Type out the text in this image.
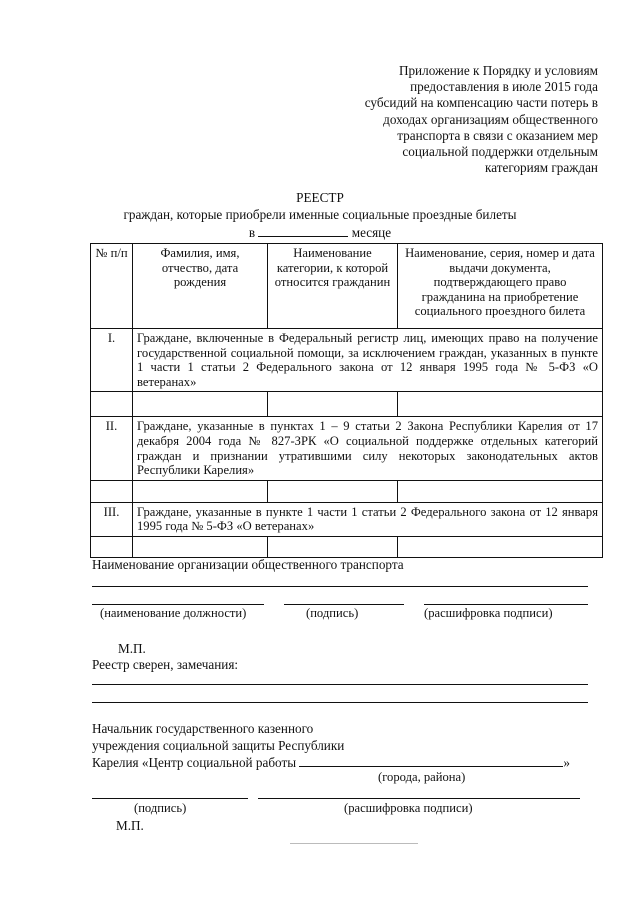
Приложение к Порядку и условиям
предоставления в июле 2015 года
субсидий на компенсацию части потерь в
доходах организациям общественного
транспорта в связи с оказанием мер
социальной поддержки отдельным
категориям граждан
РЕЕСТР
граждан, которые приобрели именные социальные проездные билеты
в	месяце
№ п/п	Фамилия, имя, отчество, дата рождения	Наименование категории, к которой относится гражданин	Наименование, серия, номер и дата выдачи документа, подтверждающего право гражданина на приобретение социального проездного билета
I.	Граждане, включенные в Федеральный регистр лиц, имеющих право на получение государственной социальной помощи, за исключением граждан, указанных в пункте 1 части 1 статьи 2 Федерального закона от 12 января 1995 года № 5-ФЗ «О ветеранах»		

II.	Граждане, указанные в пунктах 1 – 9 статьи 2 Закона Республики Карелия от 17 декабря 2004 года № 827-ЗРК «О социальной поддержке отдельных категорий граждан и признании утратившими силу некоторых законодательных актов Республики Карелия»		

III.	Граждане, указанные в пункте 1 части 1 статьи 2 Федерального закона от 12 января 1995 года № 5-ФЗ «О ветеранах»		

Наименование организации общественного транспорта
(наименование должности)	(подпись)	(расшифровка подписи)
М.П.
Реестр сверен, замечания:
Начальник государственного казенного
учреждения социальной защиты Республики
Карелия «Центр социальной работы	»
(города, района)
(подпись)	(расшифровка подписи)
М.П.
